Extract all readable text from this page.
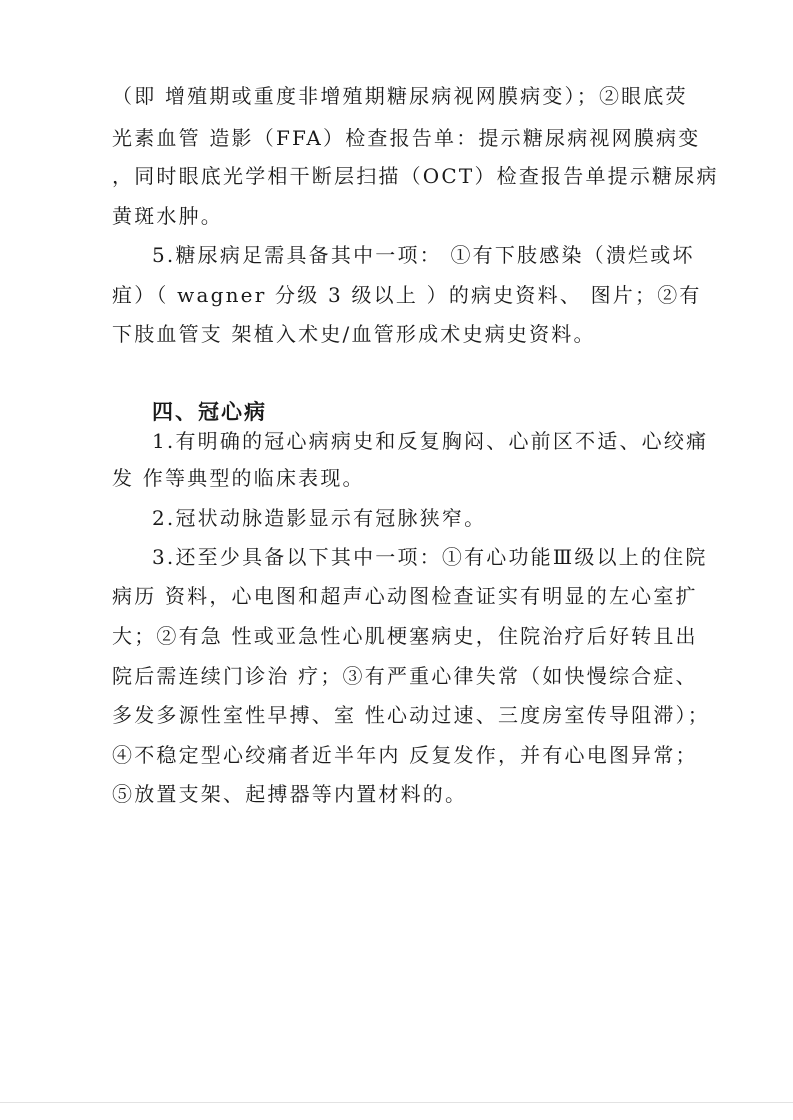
（即 增殖期或重度非增殖期糖尿病视网膜病变）；②眼底荧
光素血管 造影（FFA）检查报告单：提示糖尿病视网膜病变
，同时眼底光学相干断层扫描（OCT）检查报告单提示糖尿病
黄斑水肿。
5.糖尿病足需具备其中一项： ①有下肢感染（溃烂或坏
疽）（ wagner 分级 3 级以上 ）的病史资料、 图片；②有
下肢血管支 架植入术史/血管形成术史病史资料。
四、冠心病
1.有明确的冠心病病史和反复胸闷、心前区不适、心绞痛
发 作等典型的临床表现。
2.冠状动脉造影显示有冠脉狭窄。
3.还至少具备以下其中一项：①有心功能Ⅲ级以上的住院
病历 资料，心电图和超声心动图检查证实有明显的左心室扩
大；②有急 性或亚急性心肌梗塞病史，住院治疗后好转且出
院后需连续门诊治 疗；③有严重心律失常（如快慢综合症、
多发多源性室性早搏、室 性心动过速、三度房室传导阻滞）；
④不稳定型心绞痛者近半年内 反复发作，并有心电图异常；
⑤放置支架、起搏器等内置材料的。
